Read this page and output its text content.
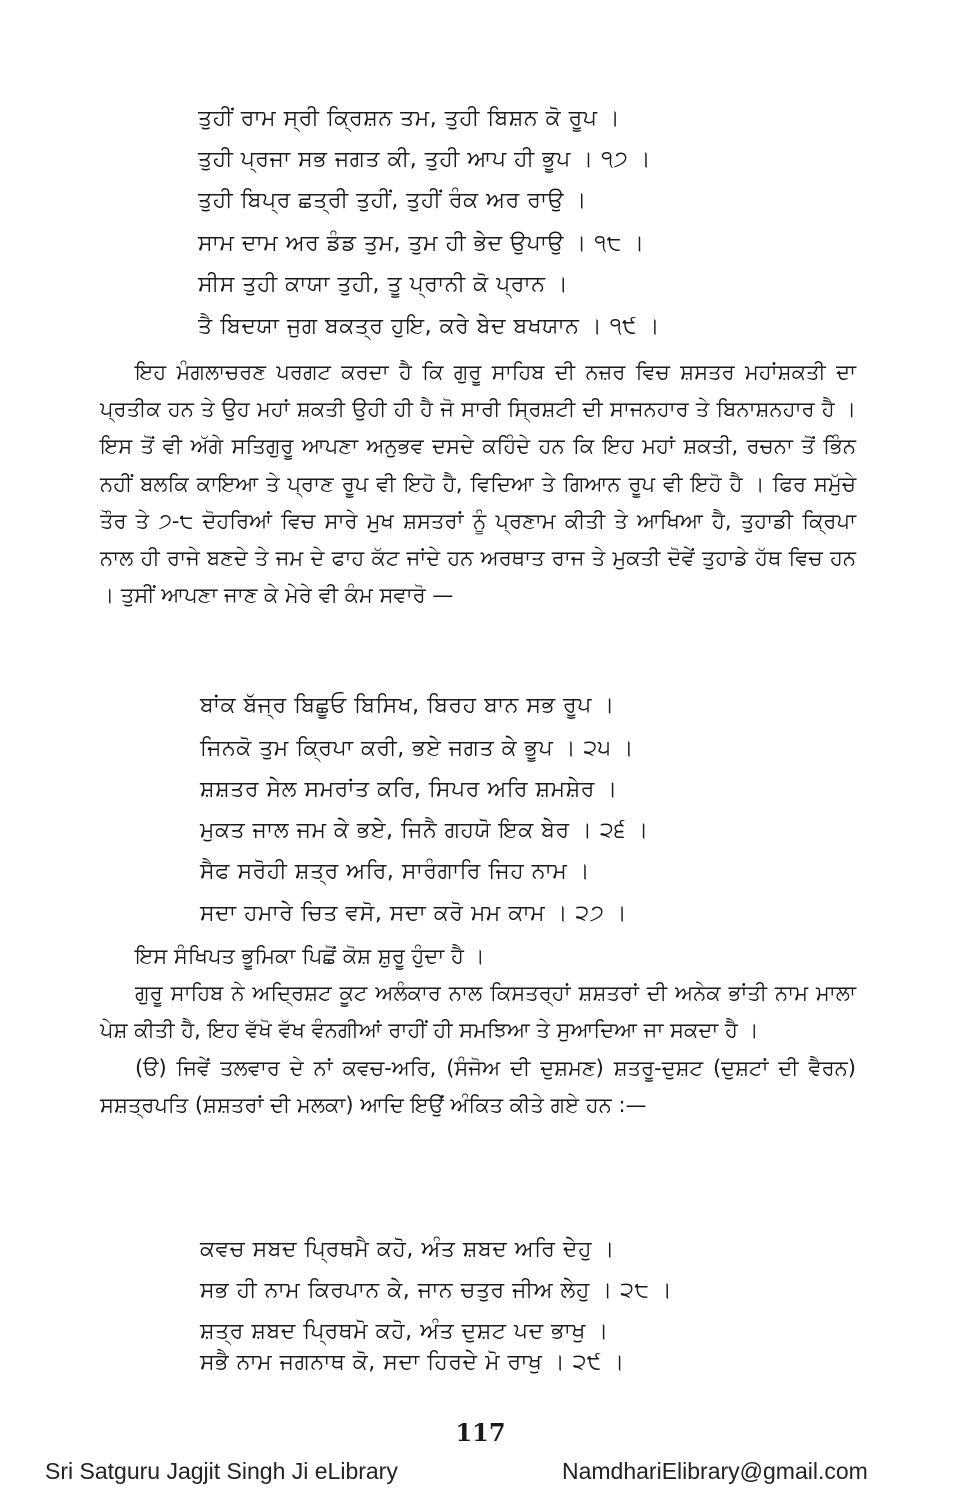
ਤੁਹੀਂ ਰਾਮ ਸ੍ਰੀ ਕ੍ਰਿਸ਼ਨ ਤਮ, ਤੁਹੀ ਬਿਸ਼ਨ ਕੋ ਰੂਪ ।
ਤੁਹੀ ਪ੍ਰਜਾ ਸਭ ਜਗਤ ਕੀ, ਤੁਹੀ ਆਪ ਹੀ ਭੂਪ । ੧੭ ।
ਤੁਹੀ ਬਿਪ੍ਰ ਛਤ੍ਰੀ ਤੁਹੀਂ, ਤੁਹੀਂ ਰੰਕ ਅਰ ਰਾਉ ।
ਸਾਮ ਦਾਮ ਅਰ ਡੰਡ ਤੁਮ, ਤੁਮ ਹੀ ਭੇਦ ਉਪਾਉ । ੧੮ ।
ਸੀਸ ਤੁਹੀ ਕਾਯਾ ਤੁਹੀ, ਤੂ ਪ੍ਰਾਨੀ ਕੋ ਪ੍ਰਾਨ ।
ਤੈ ਬਿਦਯਾ ਜੁਗ ਬਕਤ੍ਰ ਹੁਇ, ਕਰੇ ਬੇਦ ਬਖਯਾਨ । ੧੯ ।

ਇਹ ਮੰਗਲਾਚਰਣ ਪਰਗਟ ਕਰਦਾ ਹੈ ਕਿ ਗੁਰੂ ਸਾਹਿਬ ਦੀ ਨਜ਼ਰ ਵਿਚ ਸ਼ਸਤਰ ਮਹਾਂਸ਼ਕਤੀ ਦਾ ਪ੍ਰਤੀਕ ਹਨ ਤੇ ਉਹ ਮਹਾਂ ਸ਼ਕਤੀ ਉਹੀ ਹੀ ਹੈ ਜੋ ਸਾਰੀ ਸ੍ਰਿਸ਼ਟੀ ਦੀ ਸਾਜਨਹਾਰ ਤੇ ਬਿਨਾਸ਼ਨਹਾਰ ਹੈ । ਇਸ ਤੋਂ ਵੀ ਅੱਗੇ ਸਤਿਗੁਰੂ ਆਪਣਾ ਅਨੁਭਵ ਦਸਦੇ ਕਹਿੰਦੇ ਹਨ ਕਿ ਇਹ ਮਹਾਂ ਸ਼ਕਤੀ, ਰਚਨਾ ਤੋਂ ਭਿੰਨ ਨਹੀਂ ਬਲਕਿ ਕਾਇਆ ਤੇ ਪ੍ਰਾਣ ਰੂਪ ਵੀ ਇਹੋ ਹੈ, ਵਿਦਿਆ ਤੇ ਗਿਆਨ ਰੂਪ ਵੀ ਇਹੋ ਹੈ । ਫਿਰ ਸਮੁੱਚੇ ਤੌਰ ਤੇ ੭-੮ ਦੋਹਰਿਆਂ ਵਿਚ ਸਾਰੇ ਮੁਖ ਸ਼ਸਤਰਾਂ ਨੂੰ ਪ੍ਰਣਾਮ ਕੀਤੀ ਤੇ ਆਖਿਆ ਹੈ, ਤੁਹਾਡੀ ਕ੍ਰਿਪਾ ਨਾਲ ਹੀ ਰਾਜੇ ਬਣਦੇ ਤੇ ਜਮ ਦੇ ਫਾਹ ਕੱਟ ਜਾਂਦੇ ਹਨ ਅਰਥਾਤ ਰਾਜ ਤੇ ਮੁਕਤੀ ਦੋਵੇਂ ਤੁਹਾਡੇ ਹੱਥ ਵਿਚ ਹਨ । ਤੁਸੀਂ ਆਪਣਾ ਜਾਣ ਕੇ ਮੇਰੇ ਵੀ ਕੰਮ ਸਵਾਰੋ —

ਬਾਂਕ ਬੱਜ੍ਰ ਬਿਛੂਓ ਬਿਸਿਖ, ਬਿਰਹ ਬਾਨ ਸਭ ਰੂਪ ।
ਜਿਨਕੋ ਤੁਮ ਕ੍ਰਿਪਾ ਕਰੀ, ਭਏ ਜਗਤ ਕੇ ਭੂਪ । ੨੫ ।
ਸ਼ਸ਼ਤਰ ਸੇਲ ਸਮਰਾਂਤ ਕਰਿ, ਸਿਪਰ ਅਰਿ ਸ਼ਮਸ਼ੇਰ ।
ਮੁਕਤ ਜਾਲ ਜਮ ਕੇ ਭਏ, ਜਿਨੈ ਗਹਯੋ ਇਕ ਬੇਰ । ੨੬ ।
ਸੈਫ ਸਰੋਹੀ ਸ਼ਤ੍ਰ ਅਰਿ, ਸਾਰੰਗਾਰਿ ਜਿਹ ਨਾਮ ।
ਸਦਾ ਹਮਾਰੇ ਚਿਤ ਵਸੋ, ਸਦਾ ਕਰੋ ਮਮ ਕਾਮ । ੨੭ ।

ਇਸ ਸੰਖਿਪਤ ਭੂਮਿਕਾ ਪਿਛੋਂ ਕੋਸ਼ ਸ਼ੁਰੂ ਹੁੰਦਾ ਹੈ ।

ਗੁਰੂ ਸਾਹਿਬ ਨੇ ਅਦ੍ਰਿਸ਼ਟ ਕੂਟ ਅਲੰਕਾਰ ਨਾਲ ਕਿਸਤਰ੍ਹਾਂ ਸ਼ਸ਼ਤਰਾਂ ਦੀ ਅਨੇਕ ਭਾਂਤੀ ਨਾਮ ਮਾਲਾ ਪੇਸ਼ ਕੀਤੀ ਹੈ, ਇਹ ਵੱਖੋ ਵੱਖ ਵੰਨਗੀਆਂ ਰਾਹੀਂ ਹੀ ਸਮਝਿਆ ਤੇ ਸੁਆਦਿਆ ਜਾ ਸਕਦਾ ਹੈ ।

(ੳ) ਜਿਵੇਂ ਤਲਵਾਰ ਦੇ ਨਾਂ ਕਵਚ-ਅਰਿ, (ਸੰਜੋਅ ਦੀ ਦੁਸ਼ਮਣ) ਸ਼ਤਰੂ-ਦੁਸ਼ਟ (ਦੁਸ਼ਟਾਂ ਦੀ ਵੈਰਨ) ਸਸ਼ਤ੍ਰਪਤਿ (ਸ਼ਸ਼ਤਰਾਂ ਦੀ ਮਲਕਾ) ਆਦਿ ਇਉਂ ਅੰਕਿਤ ਕੀਤੇ ਗਏ ਹਨ :—

ਕਵਚ ਸਬਦ ਪ੍ਰਿਥਮੈ ਕਹੋ, ਅੰਤ ਸ਼ਬਦ ਅਰਿ ਦੇਹੁ ।
ਸਭ ਹੀ ਨਾਮ ਕਿਰਪਾਨ ਕੇ, ਜਾਨ ਚਤੁਰ ਜੀਅ ਲੇਹੁ । ੨੮ ।
ਸ਼ਤ੍ਰ ਸ਼ਬਦ ਪ੍ਰਿਥਮੋ ਕਹੋ, ਅੰਤ ਦੁਸ਼ਟ ਪਦ ਭਾਖੁ ।
ਸਭੈ ਨਾਮ ਜਗਨਾਥ ਕੋ, ਸਦਾ ਹਿਰਦੇ ਮੋ ਰਾਖੁ । ੨੯ ।
117
Sri Satguru Jagjit Singh Ji eLibrary	NamdhariElibrary@gmail.com
